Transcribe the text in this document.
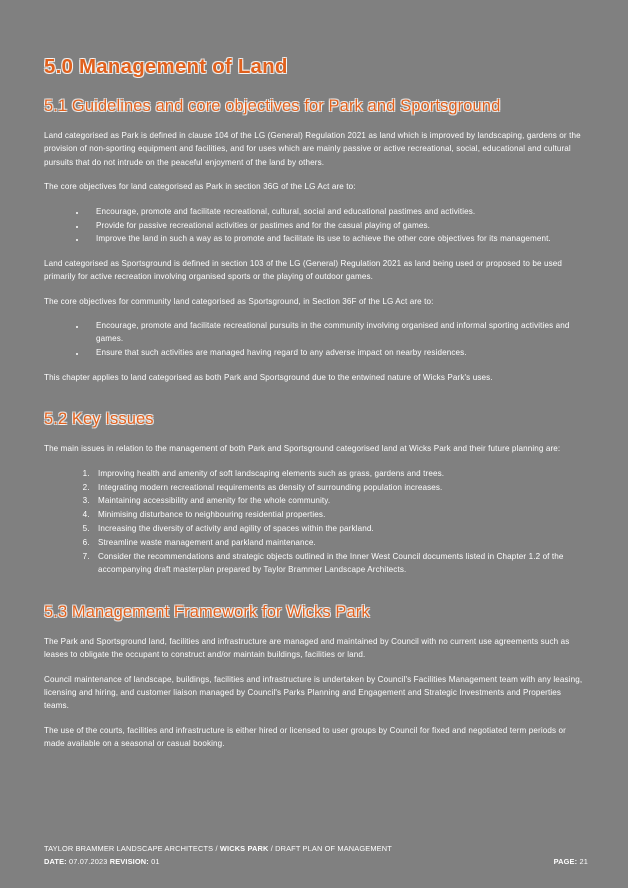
5.0 Management of Land
5.1 Guidelines and core objectives for Park and Sportsground

Land categorised as Park is defined in clause 104 of the LG (General) Regulation 2021 as land which is improved by landscaping, gardens or the provision of non-sporting equipment and facilities, and for uses which are mainly passive or active recreational, social, educational and cultural pursuits that do not intrude on the peaceful enjoyment of the land by others.

The core objectives for land categorised as Park in section 36G of the LG Act are to:

• Encourage, promote and facilitate recreational, cultural, social and educational pastimes and activities.
• Provide for passive recreational activities or pastimes and for the casual playing of games.
• Improve the land in such a way as to promote and facilitate its use to achieve the other core objectives for its management.

Land categorised as Sportsground is defined in section 103 of the LG (General) Regulation 2021 as land being used or proposed to be used primarily for active recreation involving organised sports or the playing of outdoor games.

The core objectives for community land categorised as Sportsground, in Section 36F of the LG Act are to:

• Encourage, promote and facilitate recreational pursuits in the community involving organised and informal sporting activities and games.
• Ensure that such activities are managed having regard to any adverse impact on nearby residences.

This chapter applies to land categorised as both Park and Sportsground due to the entwined nature of Wicks Park's uses.

5.2 Key Issues

The main issues in relation to the management of both Park and Sportsground categorised land at Wicks Park and their future planning are:

1. Improving health and amenity of soft landscaping elements such as grass, gardens and trees.
2. Integrating modern recreational requirements as density of surrounding population increases.
3. Maintaining accessibility and amenity for the whole community.
4. Minimising disturbance to neighbouring residential properties.
5. Increasing the diversity of activity and agility of spaces within the parkland.
6. Streamline waste management and parkland maintenance.
7. Consider the recommendations and strategic objects outlined in the Inner West Council documents listed in Chapter 1.2 of the accompanying draft masterplan prepared by Taylor Brammer Landscape Architects.
5.3 Management Framework for Wicks Park

The Park and Sportsground land, facilities and infrastructure are managed and maintained by Council with no current use agreements such as leases to obligate the occupant to construct and/or maintain buildings, facilities or land.

Council maintenance of landscape, buildings, facilities and infrastructure is undertaken by Council's Facilities Management team with any leasing, licensing and hiring, and customer liaison managed by Council's Parks Planning and Engagement and Strategic Investments and Properties teams.

The use of the courts, facilities and infrastructure is either hired or licensed to user groups by Council for fixed and negotiated term periods or made available on a seasonal or casual booking.

TAYLOR BRAMMER LANDSCAPE ARCHITECTS / WICKS PARK / DRAFT PLAN OF MANAGEMENT
DATE: 07.07.2023 REVISION: 01	PAGE: 21
